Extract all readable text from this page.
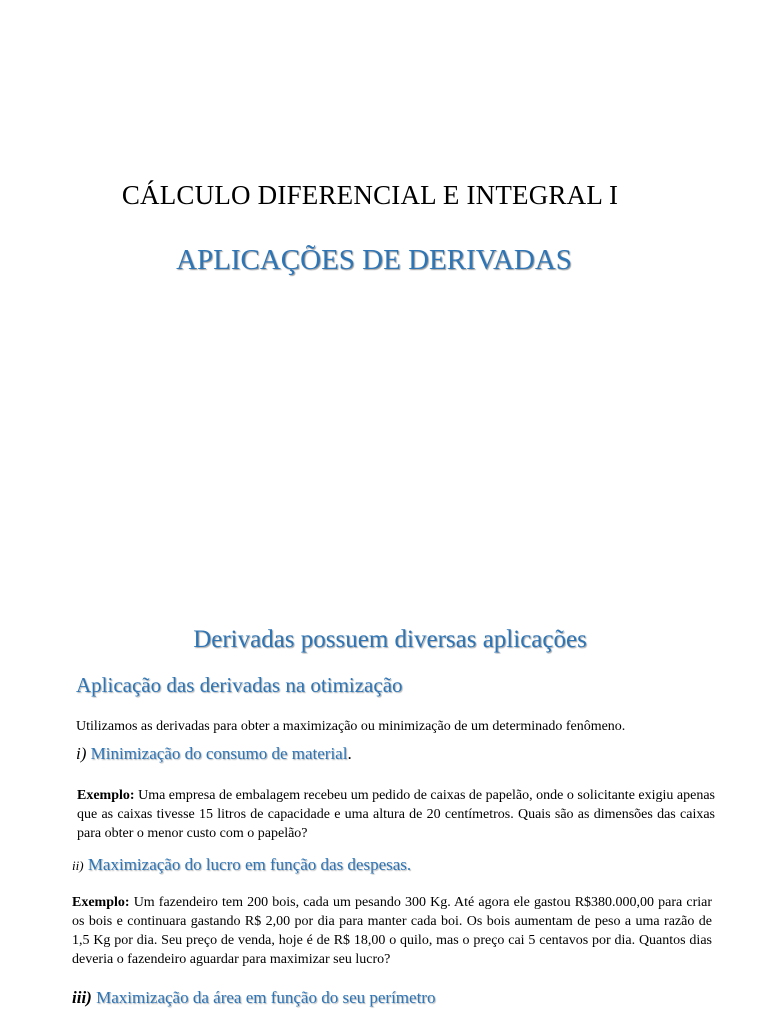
CÁLCULO DIFERENCIAL E INTEGRAL I
APLICAÇÕES DE DERIVADAS
Derivadas possuem diversas aplicações
Aplicação das derivadas na otimização
Utilizamos as derivadas para obter a maximização ou minimização de um determinado fenômeno.
i) Minimização do consumo de material.
Exemplo: Uma empresa de embalagem recebeu um pedido de caixas de papelão, onde o solicitante exigiu apenas que as caixas tivesse 15 litros de capacidade e uma altura de 20 centímetros. Quais são as dimensões das caixas para obter o menor custo com o papelão?
ii) Maximização do lucro em função das despesas.
Exemplo: Um fazendeiro tem 200 bois, cada um pesando 300 Kg. Até agora ele gastou R$380.000,00 para criar os bois e continuara gastando R$ 2,00 por dia para manter cada boi. Os bois aumentam de peso a uma razão de 1,5 Kg por dia. Seu preço de venda, hoje é de R$ 18,00 o quilo, mas o preço cai 5 centavos por dia. Quantos dias deveria o fazendeiro aguardar para maximizar seu lucro?
iii) Maximização da área em função do seu perímetro
